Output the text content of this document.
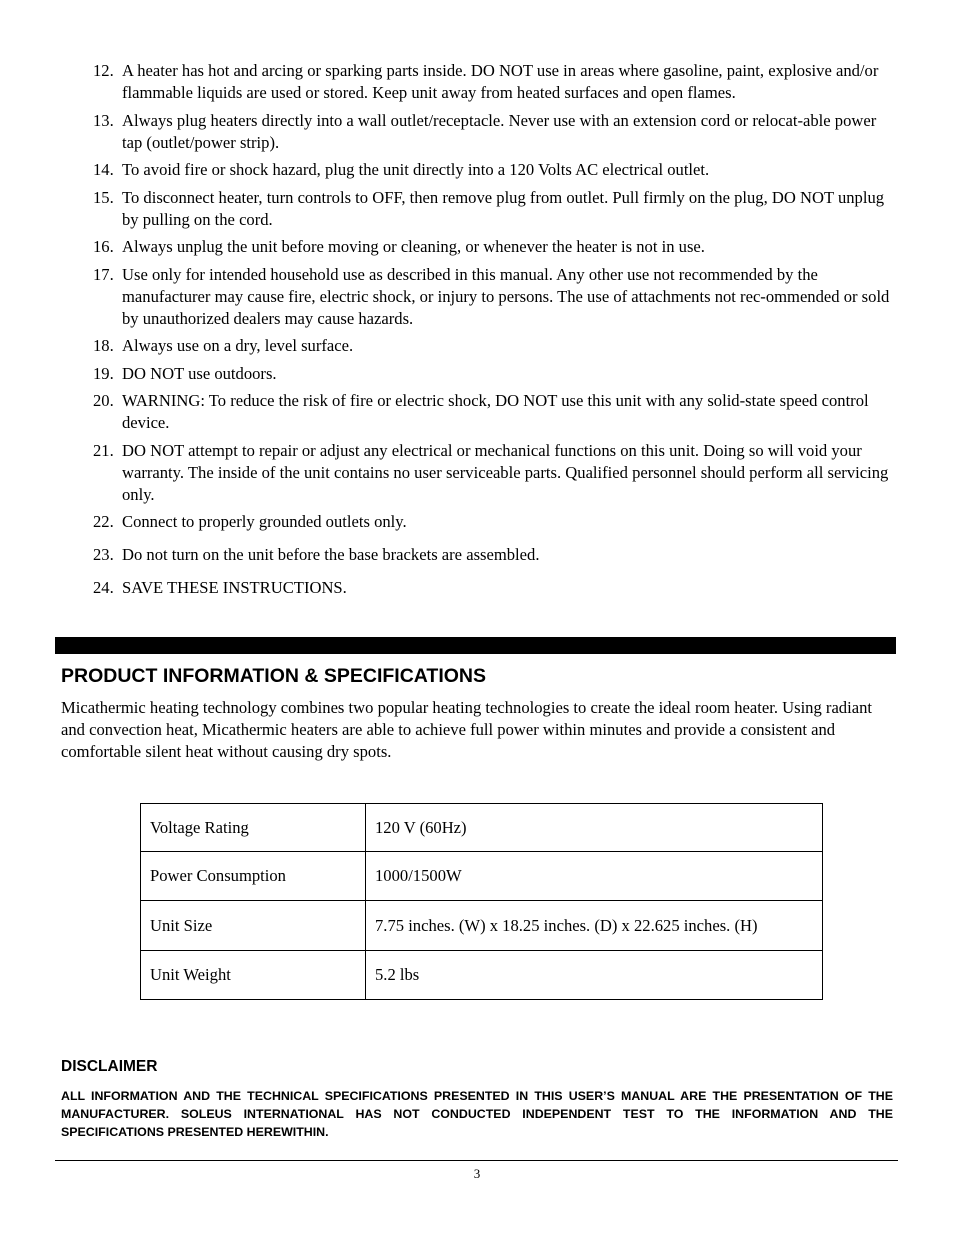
12. A heater has hot and arcing or sparking parts inside. DO NOT use in areas where gasoline, paint, explosive and/or flammable liquids are used or stored. Keep unit away from heated surfaces and open flames.
13. Always plug heaters directly into a wall outlet/receptacle. Never use with an extension cord or relocat-able power tap (outlet/power strip).
14. To avoid fire or shock hazard, plug the unit directly into a 120 Volts AC electrical outlet.
15. To disconnect heater, turn controls to OFF, then remove plug from outlet. Pull firmly on the plug, DO NOT unplug by pulling on the cord.
16. Always unplug the unit before moving or cleaning, or whenever the heater is not in use.
17. Use only for intended household use as described in this manual. Any other use not recommended by the manufacturer may cause fire, electric shock, or injury to persons. The use of attachments not rec-ommended or sold by unauthorized dealers may cause hazards.
18. Always use on a dry, level surface.
19. DO NOT use outdoors.
20. WARNING: To reduce the risk of fire or electric shock, DO NOT use this unit with any solid-state speed control device.
21. DO NOT attempt to repair or adjust any electrical or mechanical functions on this unit. Doing so will void your warranty. The inside of the unit contains no user serviceable parts. Qualified personnel should perform all servicing only.
22. Connect to properly grounded outlets only.
23. Do not turn on the unit before the base brackets are assembled.
24. SAVE THESE INSTRUCTIONS.
PRODUCT INFORMATION & SPECIFICATIONS

Micathermic heating technology combines two popular heating technologies to create the ideal room heater. Using radiant and convection heat, Micathermic heaters are able to achieve full power within minutes and provide a consistent and comfortable silent heat without causing dry spots.

Voltage Rating	120 V (60Hz)
Power Consumption	1000/1500W
Unit Size	7.75 inches. (W) x 18.25 inches. (D) x 22.625 inches. (H)
Unit Weight	5.2 lbs
DISCLAIMER

ALL INFORMATION AND THE TECHNICAL SPECIFICATIONS PRESENTED IN THIS USER’S MANUAL ARE THE PRESENTATION OF THE MANUFACTURER. SOLEUS INTERNATIONAL HAS NOT CONDUCTED INDEPENDENT TEST TO THE INFORMATION AND THE SPECIFICATIONS PRESENTED HEREWITHIN.

3
